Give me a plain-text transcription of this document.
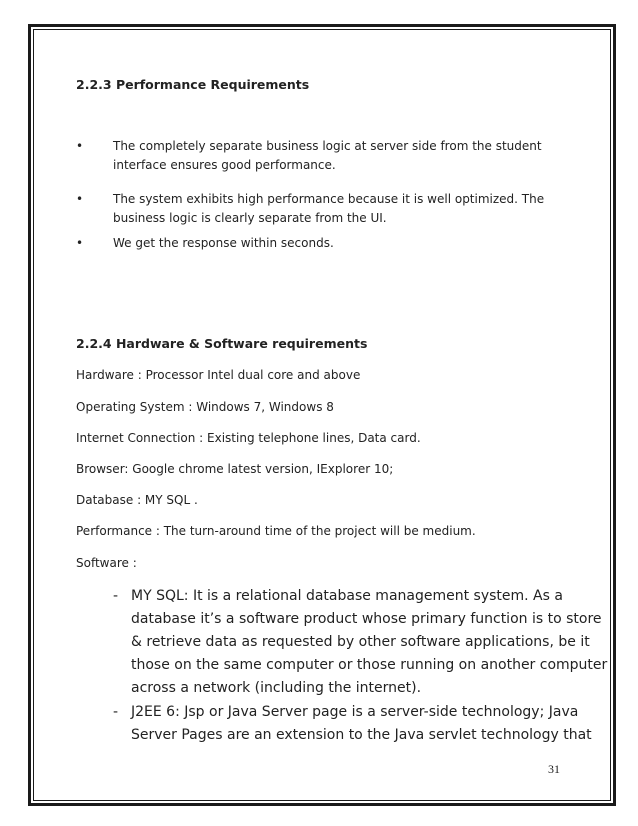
2.2.3 Performance Requirements

• The completely separate business logic at server side from the student

interface ensures good performance.

• The system exhibits high performance because it is well optimized. The

business logic is clearly separate from the UI.

• We get the response within seconds.

2.2.4 Hardware & Software requirements

Hardware : Processor Intel dual core and above

Operating System : Windows 7, Windows 8

Internet Connection : Existing telephone lines, Data card.

Browser: Google chrome latest version, IExplorer 10;

Database : MY SQL .

Performance : The turn-around time of the project will be medium.

Software :

- MY SQL: It is a relational database management system. As a

database it’s a software product whose primary function is to store

& retrieve data as requested by other software applications, be it

those on the same computer or those running on another computer

across a network (including the internet).

- J2EE 6: Jsp or Java Server page is a server-side technology; Java

Server Pages are an extension to the Java servlet technology that

31
